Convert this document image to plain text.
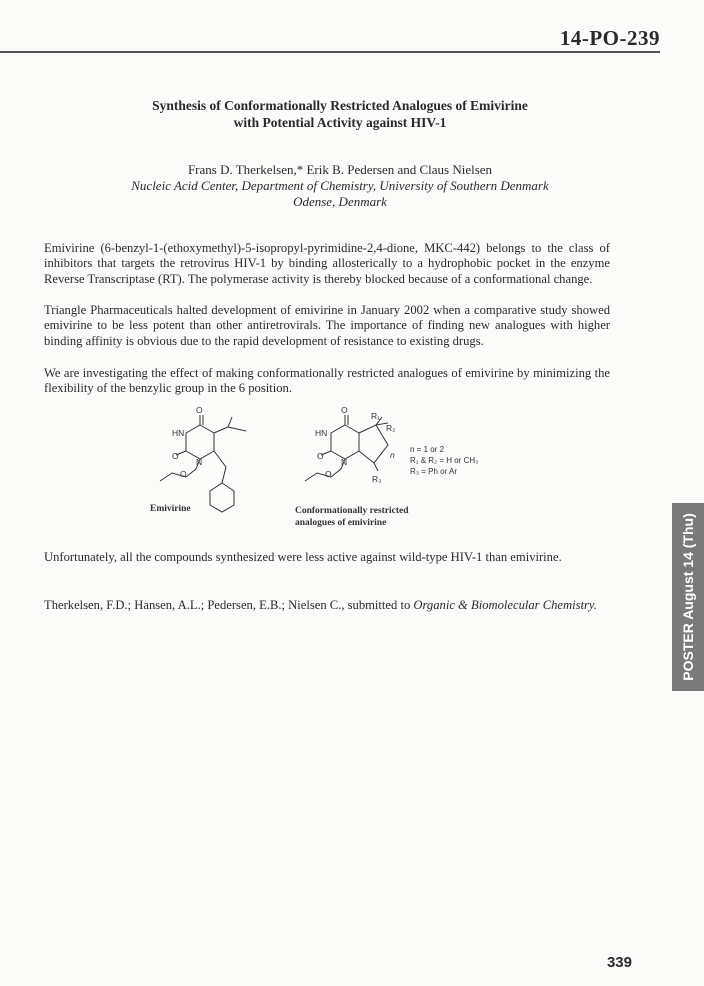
14-PO-239
Synthesis of Conformationally Restricted Analogues of Emivirine
with Potential Activity against HIV-1
Frans D. Therkelsen,* Erik B. Pedersen and Claus Nielsen
Nucleic Acid Center, Department of Chemistry, University of Southern Denmark
Odense, Denmark
Emivirine (6-benzyl-1-(ethoxymethyl)-5-isopropyl-pyrimidine-2,4-dione, MKC-442) belongs to the class of inhibitors that targets the retrovirus HIV-1 by binding allosterically to a hydrophobic pocket in the enzyme Reverse Transcriptase (RT). The polymerase activity is thereby blocked because of a conformational change.
Triangle Pharmaceuticals halted development of emivirine in January 2002 when a comparative study showed emivirine to be less potent than other antiretrovirals. The importance of finding new analogues with higher binding affinity is obvious due to the rapid development of resistance to existing drugs.
We are investigating the effect of making conformationally restricted analogues of emivirine by minimizing the flexibility of the benzylic group in the 6 position.
O
HN
O
N
O
O
HN
O
N
O
R₁
R₂
R₃
n
n = 1 or 2
R₁ & R₂ = H or CH₃
R₃ = Ph or Ar
Emivirine	Conformationally restricted
analogues of emivirine
Unfortunately, all the compounds synthesized were less active against wild-type HIV-1 than emivirine.
Therkelsen, F.D.; Hansen, A.L.; Pedersen, E.B.; Nielsen C., submitted to Organic & Biomolecular Chemistry.	POSTER August 14 (Thu)
339
